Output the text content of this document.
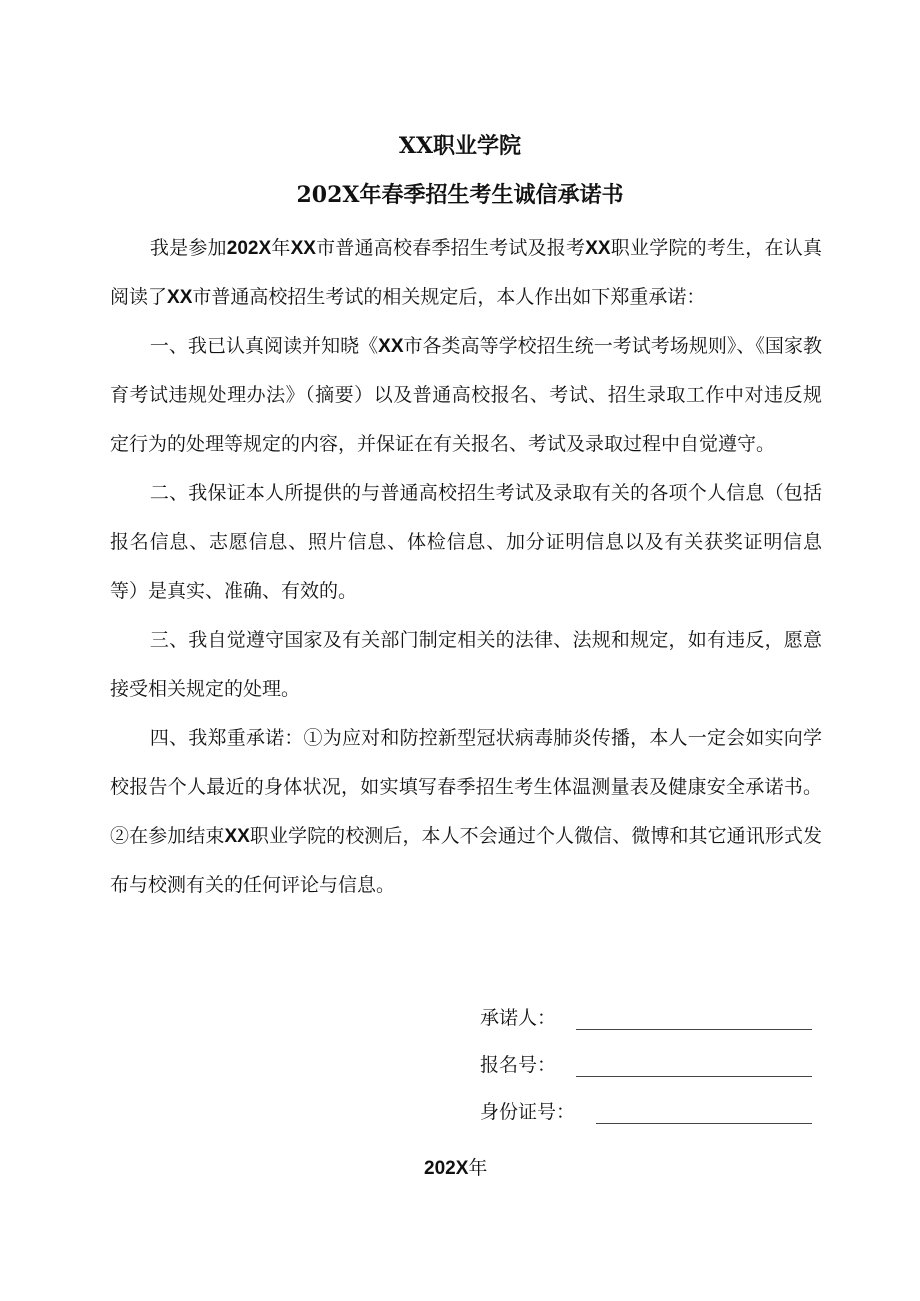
XX职业学院
202X年春季招生考生诚信承诺书

我是参加202X年XX市普通高校春季招生考试及报考XX职业学院的考生，在认真阅读了XX市普通高校招生考试的相关规定后，本人作出如下郑重承诺：

一、我已认真阅读并知晓《XX市各类高等学校招生统一考试考场规则》、《国家教育考试违规处理办法》（摘要）以及普通高校报名、考试、招生录取工作中对违反规定行为的处理等规定的内容，并保证在有关报名、考试及录取过程中自觉遵守。

二、我保证本人所提供的与普通高校招生考试及录取有关的各项个人信息（包括报名信息、志愿信息、照片信息、体检信息、加分证明信息以及有关获奖证明信息等）是真实、准确、有效的。

三、我自觉遵守国家及有关部门制定相关的法律、法规和规定，如有违反，愿意接受相关规定的处理。

四、我郑重承诺：①为应对和防控新型冠状病毒肺炎传播，本人一定会如实向学校报告个人最近的身体状况，如实填写春季招生考生体温测量表及健康安全承诺书。②在参加结束XX职业学院的校测后，本人不会通过个人微信、微博和其它通讯形式发布与校测有关的任何评论与信息。

承诺人：
报名号：
身份证号：
202X年
